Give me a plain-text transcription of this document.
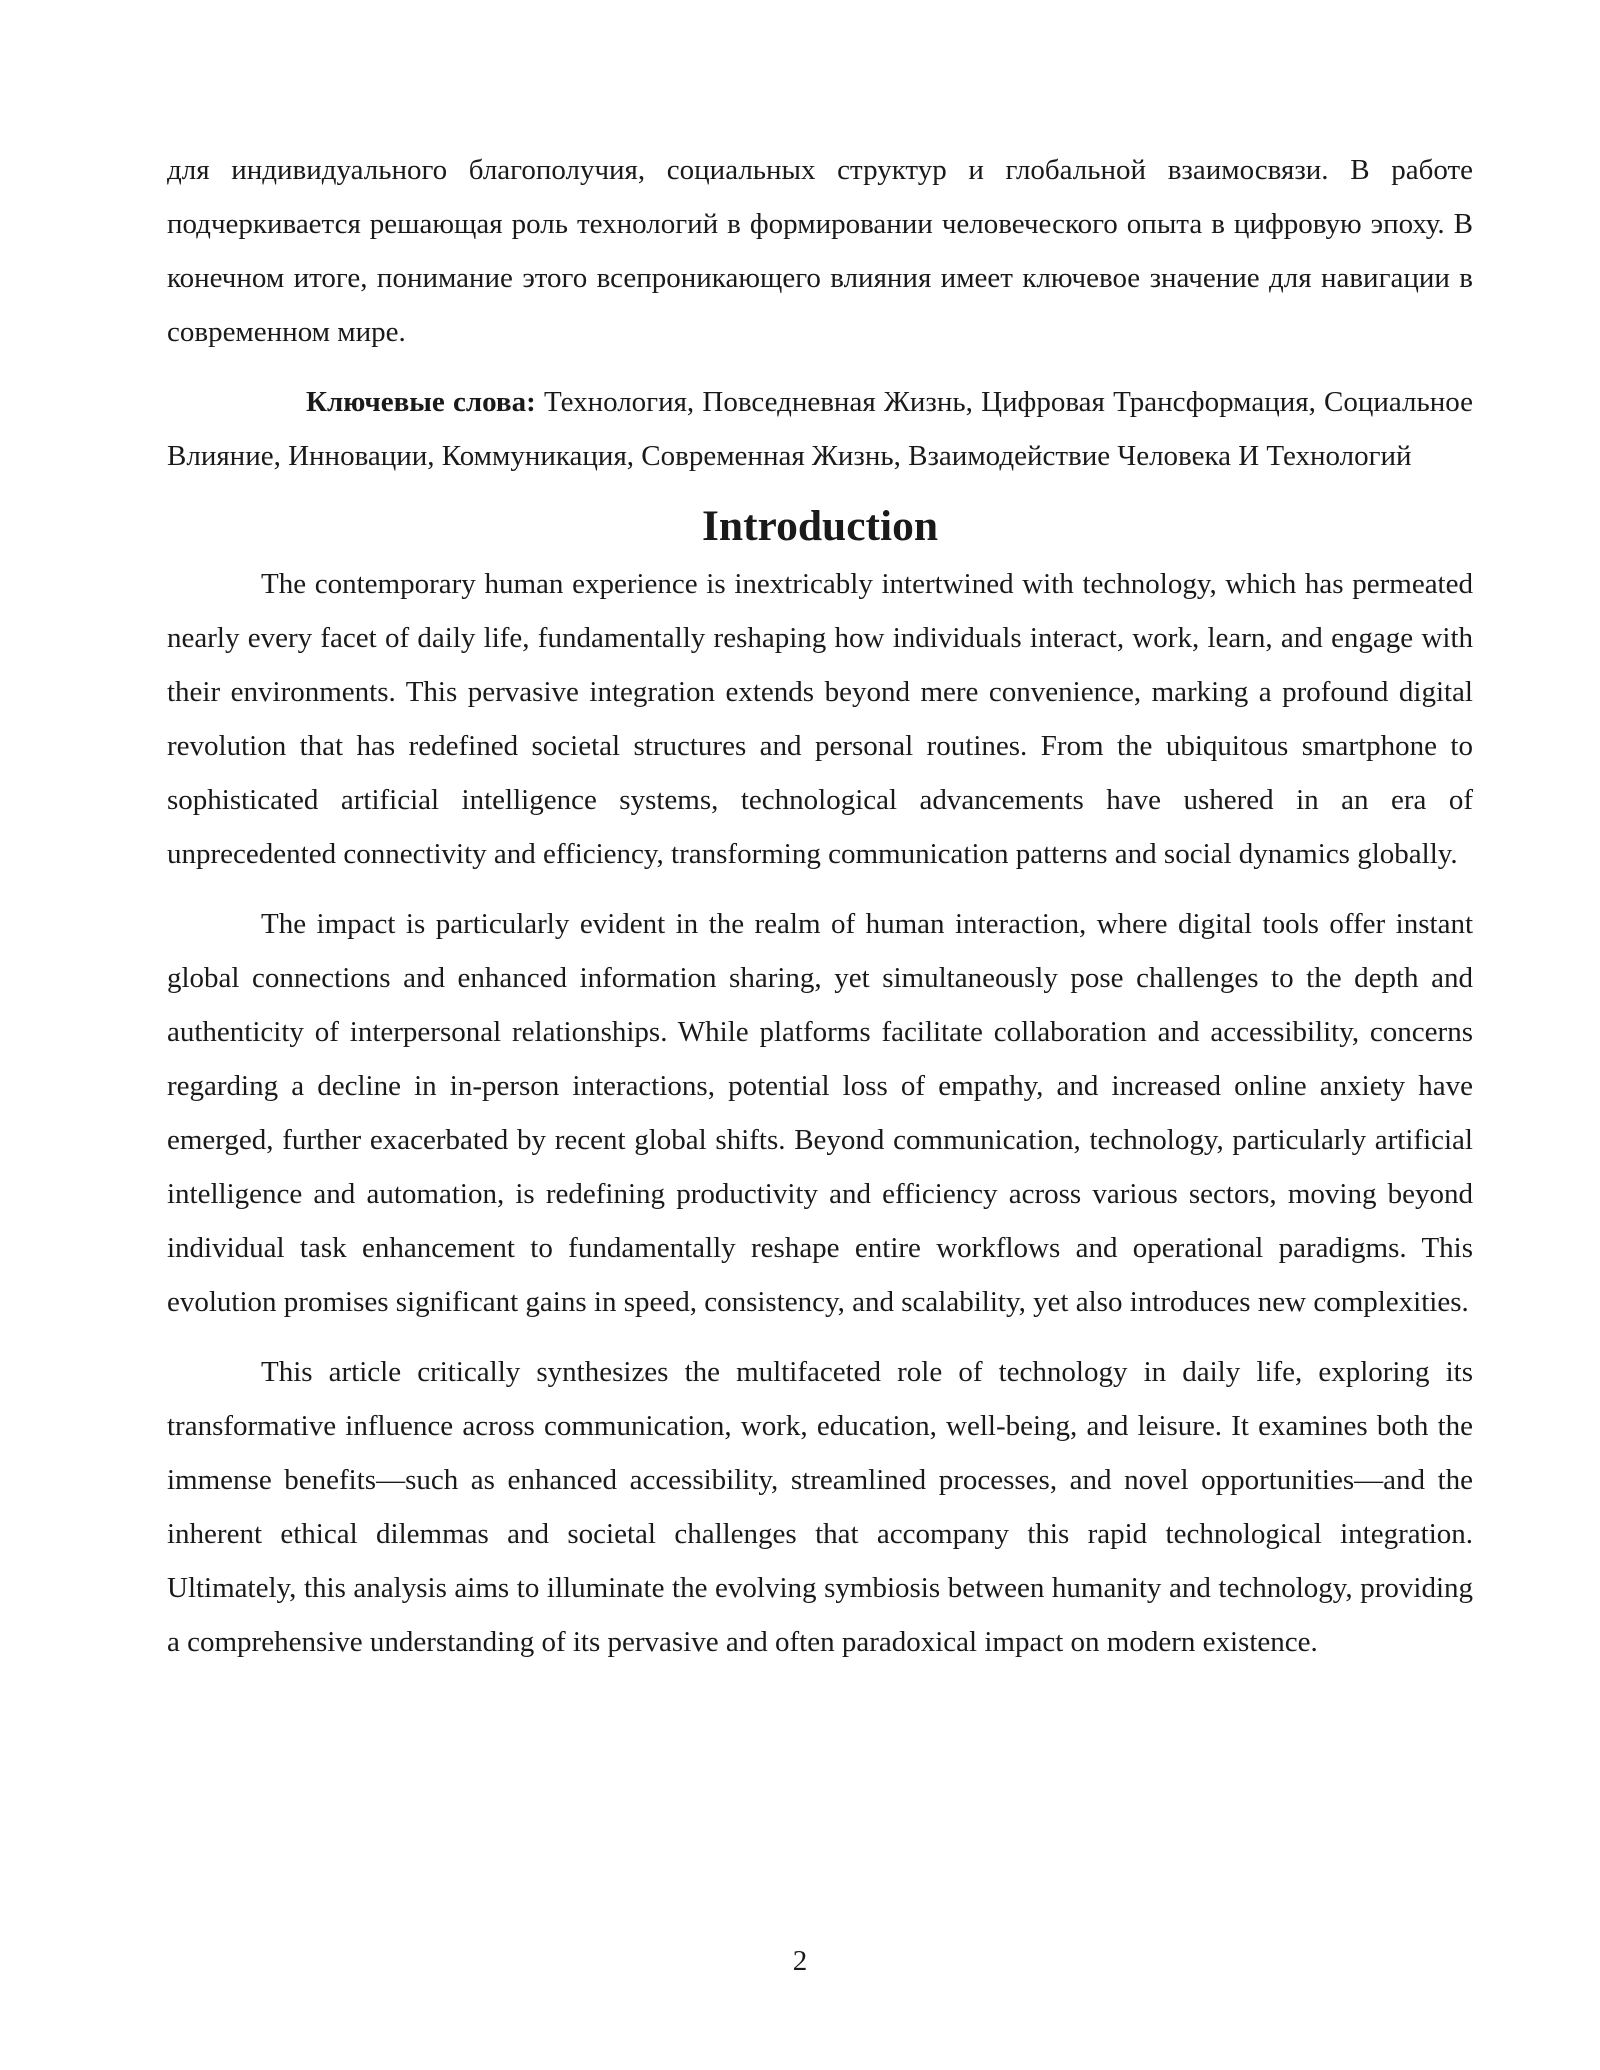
для индивидуального благополучия, социальных структур и глобальной взаимосвязи. В работе подчеркивается решающая роль технологий в формировании человеческого опыта в цифровую эпоху. В конечном итоге, понимание этого всепроникающего влияния имеет ключевое значение для навигации в современном мире.

Ключевые слова: Технология, Повседневная Жизнь, Цифровая Трансформация, Социальное Влияние, Инновации, Коммуникация, Современная Жизнь, Взаимодействие Человека И Технологий

Introduction

The contemporary human experience is inextricably intertwined with technology, which has permeated nearly every facet of daily life, fundamentally reshaping how individuals interact, work, learn, and engage with their environments. This pervasive integration extends beyond mere convenience, marking a profound digital revolution that has redefined societal structures and personal routines. From the ubiquitous smartphone to sophisticated artificial intelligence systems, technological advancements have ushered in an era of unprecedented connectivity and efficiency, transforming communication patterns and social dynamics globally.

The impact is particularly evident in the realm of human interaction, where digital tools offer instant global connections and enhanced information sharing, yet simultaneously pose challenges to the depth and authenticity of interpersonal relationships. While platforms facilitate collaboration and accessibility, concerns regarding a decline in in-person interactions, potential loss of empathy, and increased online anxiety have emerged, further exacerbated by recent global shifts. Beyond communication, technology, particularly artificial intelligence and automation, is redefining productivity and efficiency across various sectors, moving beyond individual task enhancement to fundamentally reshape entire workflows and operational paradigms. This evolution promises significant gains in speed, consistency, and scalability, yet also introduces new complexities.

This article critically synthesizes the multifaceted role of technology in daily life, exploring its transformative influence across communication, work, education, well-being, and leisure. It examines both the immense benefits—such as enhanced accessibility, streamlined processes, and novel opportunities—and the inherent ethical dilemmas and societal challenges that accompany this rapid technological integration. Ultimately, this analysis aims to illuminate the evolving symbiosis between humanity and technology, providing a comprehensive understanding of its pervasive and often paradoxical impact on modern existence.

2
